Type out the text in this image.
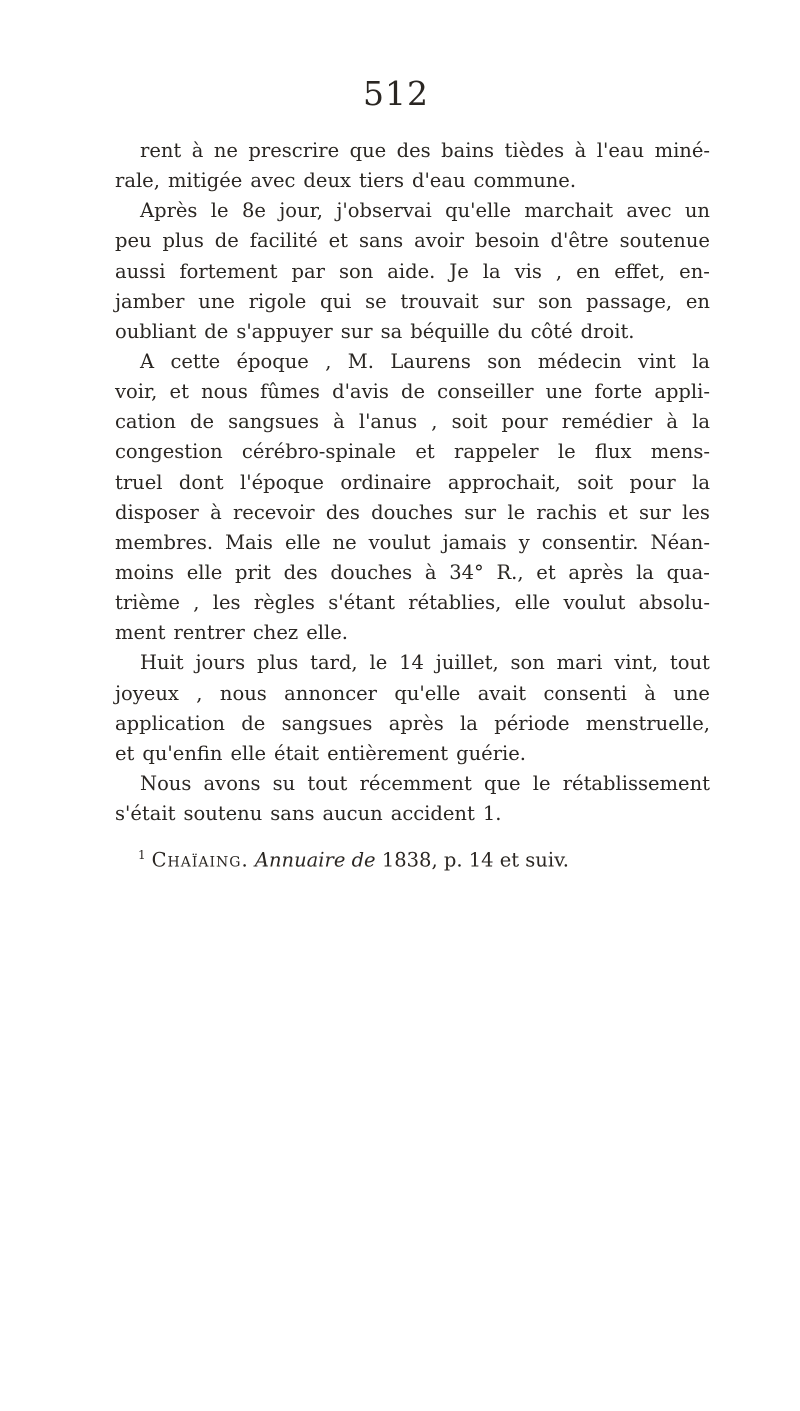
512
rent à ne prescrire que des bains tièdes à l'eau miné-
rale, mitigée avec deux tiers d'eau commune.
Après le 8e jour, j'observai qu'elle marchait avec un
peu plus de facilité et sans avoir besoin d'être soutenue
aussi fortement par son aide. Je la vis , en effet, en-
jamber une rigole qui se trouvait sur son passage, en
oubliant de s'appuyer sur sa béquille du côté droit.
A cette époque , M. Laurens son médecin vint la
voir, et nous fûmes d'avis de conseiller une forte appli-
cation de sangsues à l'anus , soit pour remédier à la
congestion cérébro-spinale et rappeler le flux mens-
truel dont l'époque ordinaire approchait, soit pour la
disposer à recevoir des douches sur le rachis et sur les
membres. Mais elle ne voulut jamais y consentir. Néan-
moins elle prit des douches à 34° R., et après la qua-
trième , les règles s'étant rétablies, elle voulut absolu-
ment rentrer chez elle.
Huit jours plus tard, le 14 juillet, son mari vint, tout
joyeux , nous annoncer qu'elle avait consenti à une
application de sangsues après la période menstruelle,
et qu'enfin elle était entièrement guérie.
Nous avons su tout récemment que le rétablissement
s'était soutenu sans aucun accident 1.
$^1$ Chaïaing. Annuaire de 1838, p. 14 et suiv.
